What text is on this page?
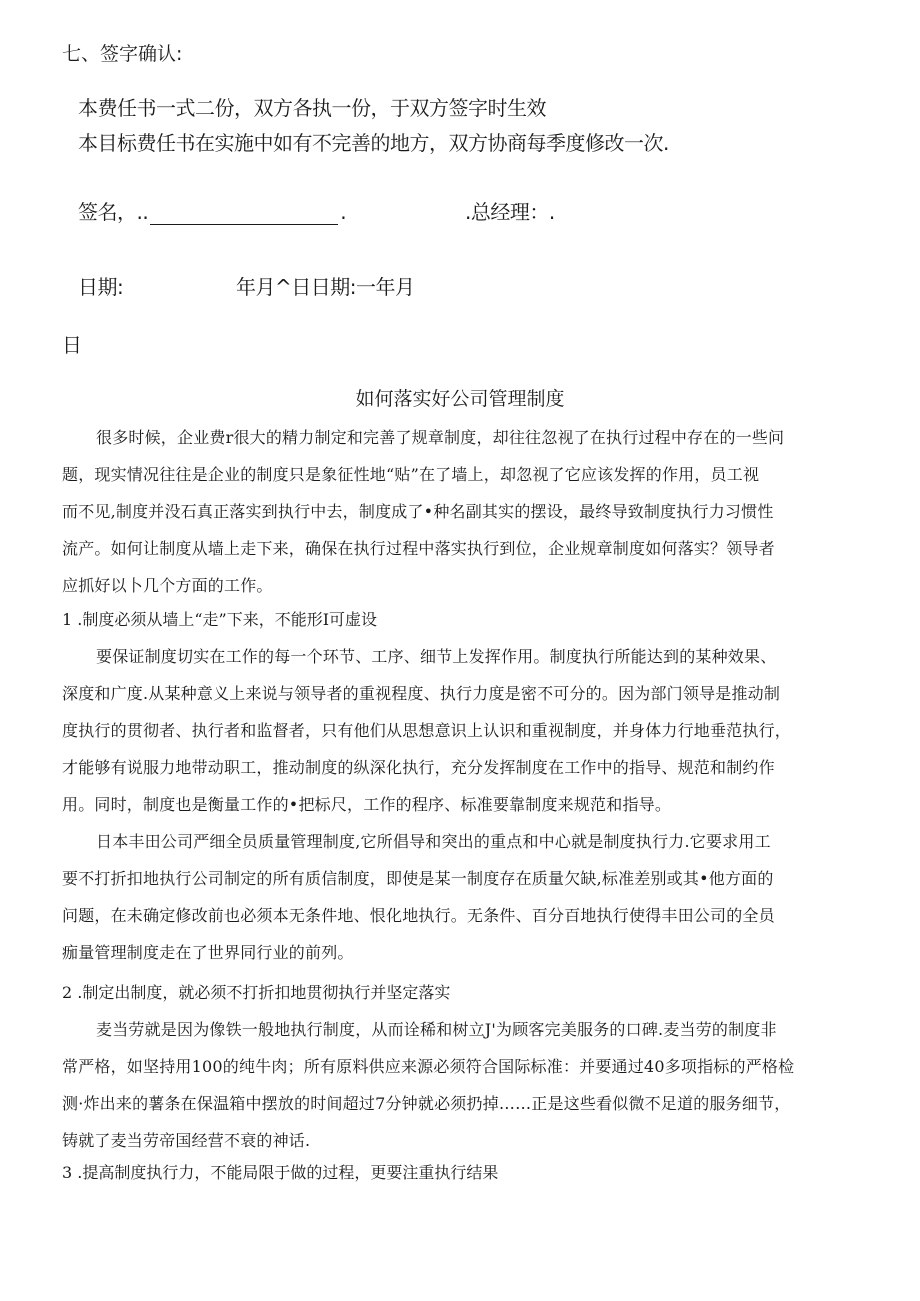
七、签字确认:
本费任书一式二份，双方各执一份，于双方签字时生效
本目标费任书在实施中如有不完善的地方，双方协商每季度修改一次.
签名，..	.	.总经理：.
日期:	年月^日日期:一年月
日
如何落实好公司管理制度
很多时候，企业费r很大的精力制定和完善了规章制度，却往往忽视了在执行过程中存在的一些问
题，现实情况往往是企业的制度只是象征性地“贴”在了墙上，却忽视了它应该发挥的作用，员工视
而不见,制度并没石真正落实到执行中去，制度成了•种名副其实的摆设，最终导致制度执行力习惯性
流产。如何让制度从墙上走下来，确保在执行过程中落实执行到位，企业规章制度如何落实？领导者
应抓好以卜几个方面的工作。
1 .制度必须从墙上“走”下来，不能形I可虚设
要保证制度切实在工作的每一个环节、工序、细节上发挥作用。制度执行所能达到的某种效果、
深度和广度.从某种意义上来说与领导者的重视程度、执行力度是密不可分的。因为部门领导是推动制
度执行的贯彻者、执行者和监督者，只有他们从思想意识上认识和重视制度，并身体力行地垂范执行，
才能够有说服力地带动职工，推动制度的纵深化执行，充分发挥制度在工作中的指导、规范和制约作
用。同时，制度也是衡量工作的•把标尺，工作的程序、标准要靠制度来规范和指导。
日本丰田公司严细全员质量管理制度,它所倡导和突出的重点和中心就是制度执行力.它要求用工
要不打折扣地执行公司制定的所有质信制度，即使是某一制度存在质量欠缺,标准差别或其•他方面的
问题，在未确定修改前也必须本无条件地、恨化地执行。无条件、百分百地执行使得丰田公司的全员
痂量管理制度走在了世界同行业的前列。
2 .制定出制度，就必须不打折扣地贯彻执行并坚定落实
麦当劳就是因为像铁一般地执行制度，从而诠稀和树立J'为顾客完美服务的口碑.麦当劳的制度非
常严格，如坚持用100的纯牛肉；所有原料供应来源必须符合国际标准：并要通过40多项指标的严格检
测·炸出来的薯条在保温箱中摆放的时间超过7分钟就必须扔掉……正是这些看似微不足道的服务细节，
铸就了麦当劳帝国经营不衰的神话.
3 .提高制度执行力，不能局限于做的过程，更要注重执行结果
